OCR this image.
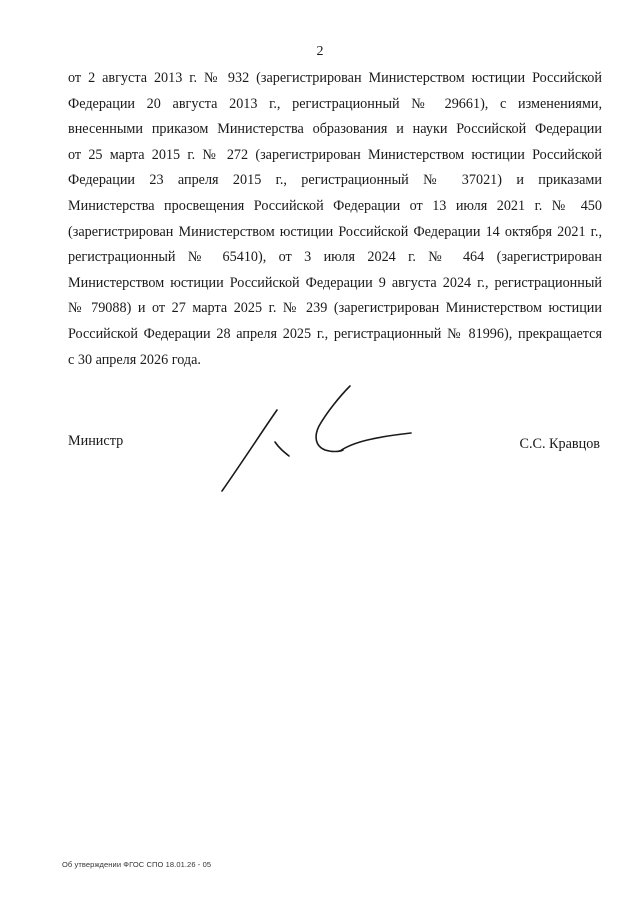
2
от 2 августа 2013 г. № 932 (зарегистрирован Министерством юстиции Российской
Федерации 20 августа 2013 г., регистрационный № 29661), с изменениями,
внесенными приказом Министерства образования и науки Российской Федерации
от 25 марта 2015 г. № 272 (зарегистрирован Министерством юстиции Российской
Федерации 23 апреля 2015 г., регистрационный № 37021) и приказами
Министерства просвещения Российской Федерации от 13 июля 2021 г. № 450
(зарегистрирован Министерством юстиции Российской Федерации 14 октября 2021 г.,
регистрационный № 65410), от 3 июля 2024 г. № 464 (зарегистрирован
Министерством юстиции Российской Федерации 9 августа 2024 г., регистрационный
№ 79088) и от 27 марта 2025 г. № 239 (зарегистрирован Министерством юстиции
Российской Федерации 28 апреля 2025 г., регистрационный № 81996), прекращается
с 30 апреля 2026 года.
Министр	С.С. Кравцов
Об утверждении ФГОС СПО 18.01.26 - 05
